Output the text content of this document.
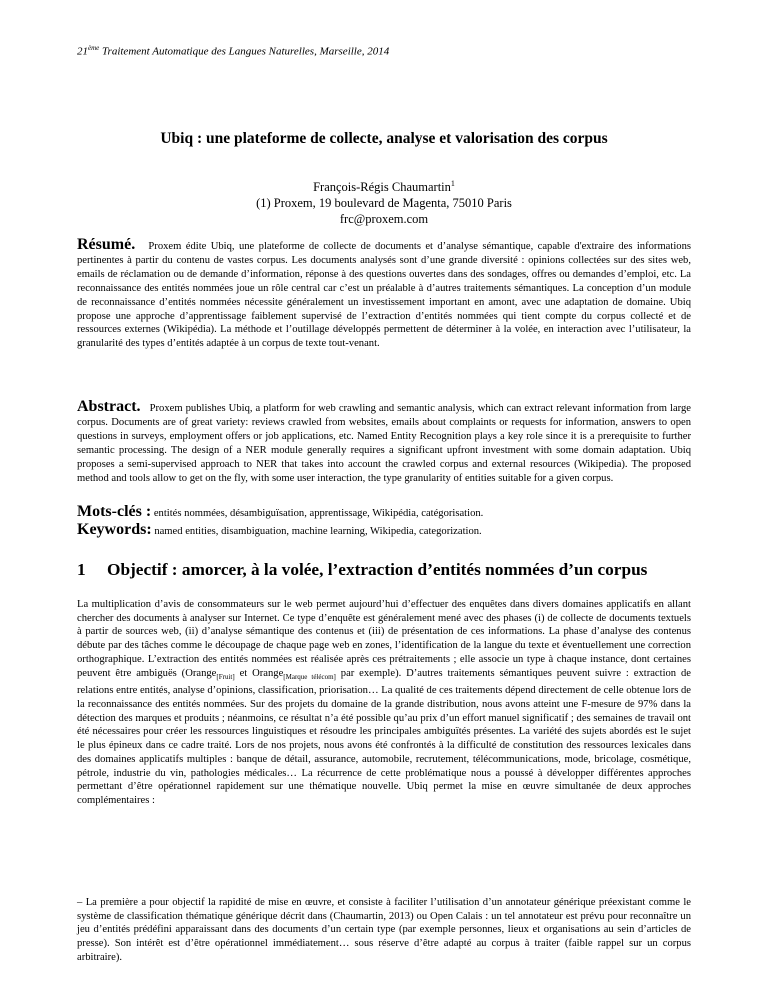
21ème Traitement Automatique des Langues Naturelles, Marseille, 2014
Ubiq : une plateforme de collecte, analyse et valorisation des corpus
François-Régis Chaumartin$^1$
(1) Proxem, 19 boulevard de Magenta, 75010 Paris
frc@proxem.com

Résumé. Proxem édite Ubiq, une plateforme de collecte de documents et d’analyse sémantique, capable d'extraire des informations pertinentes à partir du contenu de vastes corpus. Les documents analysés sont d’une grande diversité : opinions collectées sur des sites web, emails de réclamation ou de demande d’information, réponse à des questions ouvertes dans des sondages, offres ou demandes d’emploi, etc. La reconnaissance des entités nommées joue un rôle central car c’est un préalable à d’autres traitements sémantiques. La conception d’un module de reconnaissance d’entités nommées nécessite généralement un investissement important en amont, avec une adaptation de domaine. Ubiq propose une approche d’apprentissage faiblement supervisé de l’extraction d’entités nommées qui tient compte du corpus collecté et de ressources externes (Wikipédia). La méthode et l’outillage développés permettent de déterminer à la volée, en interaction avec l’utilisateur, la granularité des types d’entités adaptée à un corpus de texte tout-venant.

Abstract. Proxem publishes Ubiq, a platform for web crawling and semantic analysis, which can extract relevant information from large corpus. Documents are of great variety: reviews crawled from websites, emails about complaints or requests for information, answers to open questions in surveys, employment offers or job applications, etc. Named Entity Recognition plays a key role since it is a prerequisite to further semantic processing. The design of a NER module generally requires a significant upfront investment with some domain adaptation. Ubiq proposes a semi-supervised approach to NER that takes into account the crawled corpus and external resources (Wikipedia). The proposed method and tools allow to get on the fly, with some user interaction, the type granularity of entities suitable for a given corpus.

Mots-clés : entités nommées, désambiguïsation, apprentissage, Wikipédia, catégorisation.
Keywords: named entities, disambiguation, machine learning, Wikipedia, categorization.
1 Objectif : amorcer, à la volée, l’extraction d’entités nommées d’un corpus

La multiplication d’avis de consommateurs sur le web permet aujourd’hui d’effectuer des enquêtes dans divers domaines applicatifs en allant chercher des documents à analyser sur Internet. Ce type d’enquête est généralement mené avec des phases (i) de collecte de documents textuels à partir de sources web, (ii) d’analyse sémantique des contenus et (iii) de présentation de ces informations. La phase d’analyse des contenus débute par des tâches comme le découpage de chaque page web en zones, l’identification de la langue du texte et éventuellement une correction orthographique. L’extraction des entités nommées est réalisée après ces prétraitements ; elle associe un type à chaque instance, dont certaines peuvent être ambiguës (Orange$_{[Fruit]}$ et Orange$_{[Marque télécom]}$ par exemple). D’autres traitements sémantiques peuvent suivre : extraction de relations entre entités, analyse d’opinions, classification, priorisation… La qualité de ces traitements dépend directement de celle obtenue lors de la reconnaissance des entités nommées. Sur des projets du domaine de la grande distribution, nous avons atteint une F-mesure de 97% dans la détection des marques et produits ; néanmoins, ce résultat n’a été possible qu’au prix d’un effort manuel significatif ; des semaines de travail ont été nécessaires pour créer les ressources linguistiques et résoudre les principales ambiguïtés présentes. La variété des sujets abordés est le sujet le plus épineux dans ce cadre traité. Lors de nos projets, nous avons été confrontés à la difficulté de constitution des ressources lexicales dans des domaines applicatifs multiples : banque de détail, assurance, automobile, recrutement, télécommunications, mode, bricolage, cosmétique, pétrole, industrie du vin, pathologies médicales… La récurrence de cette problématique nous a poussé à développer différentes approches permettant d’être opérationnel rapidement sur une thématique nouvelle. Ubiq permet la mise en œuvre simultanée de deux approches complémentaires :

– La première a pour objectif la rapidité de mise en œuvre, et consiste à faciliter l’utilisation d’un annotateur générique préexistant comme le système de classification thématique générique décrit dans (Chaumartin, 2013) ou Open Calais : un tel annotateur est prévu pour reconnaître un jeu d’entités prédéfini apparaissant dans des documents d’un certain type (par exemple personnes, lieux et organisations au sein d’articles de presse). Son intérêt est d’être opérationnel immédiatement… sous réserve d’être adapté au corpus à traiter (faible rappel sur un corpus arbitraire).
